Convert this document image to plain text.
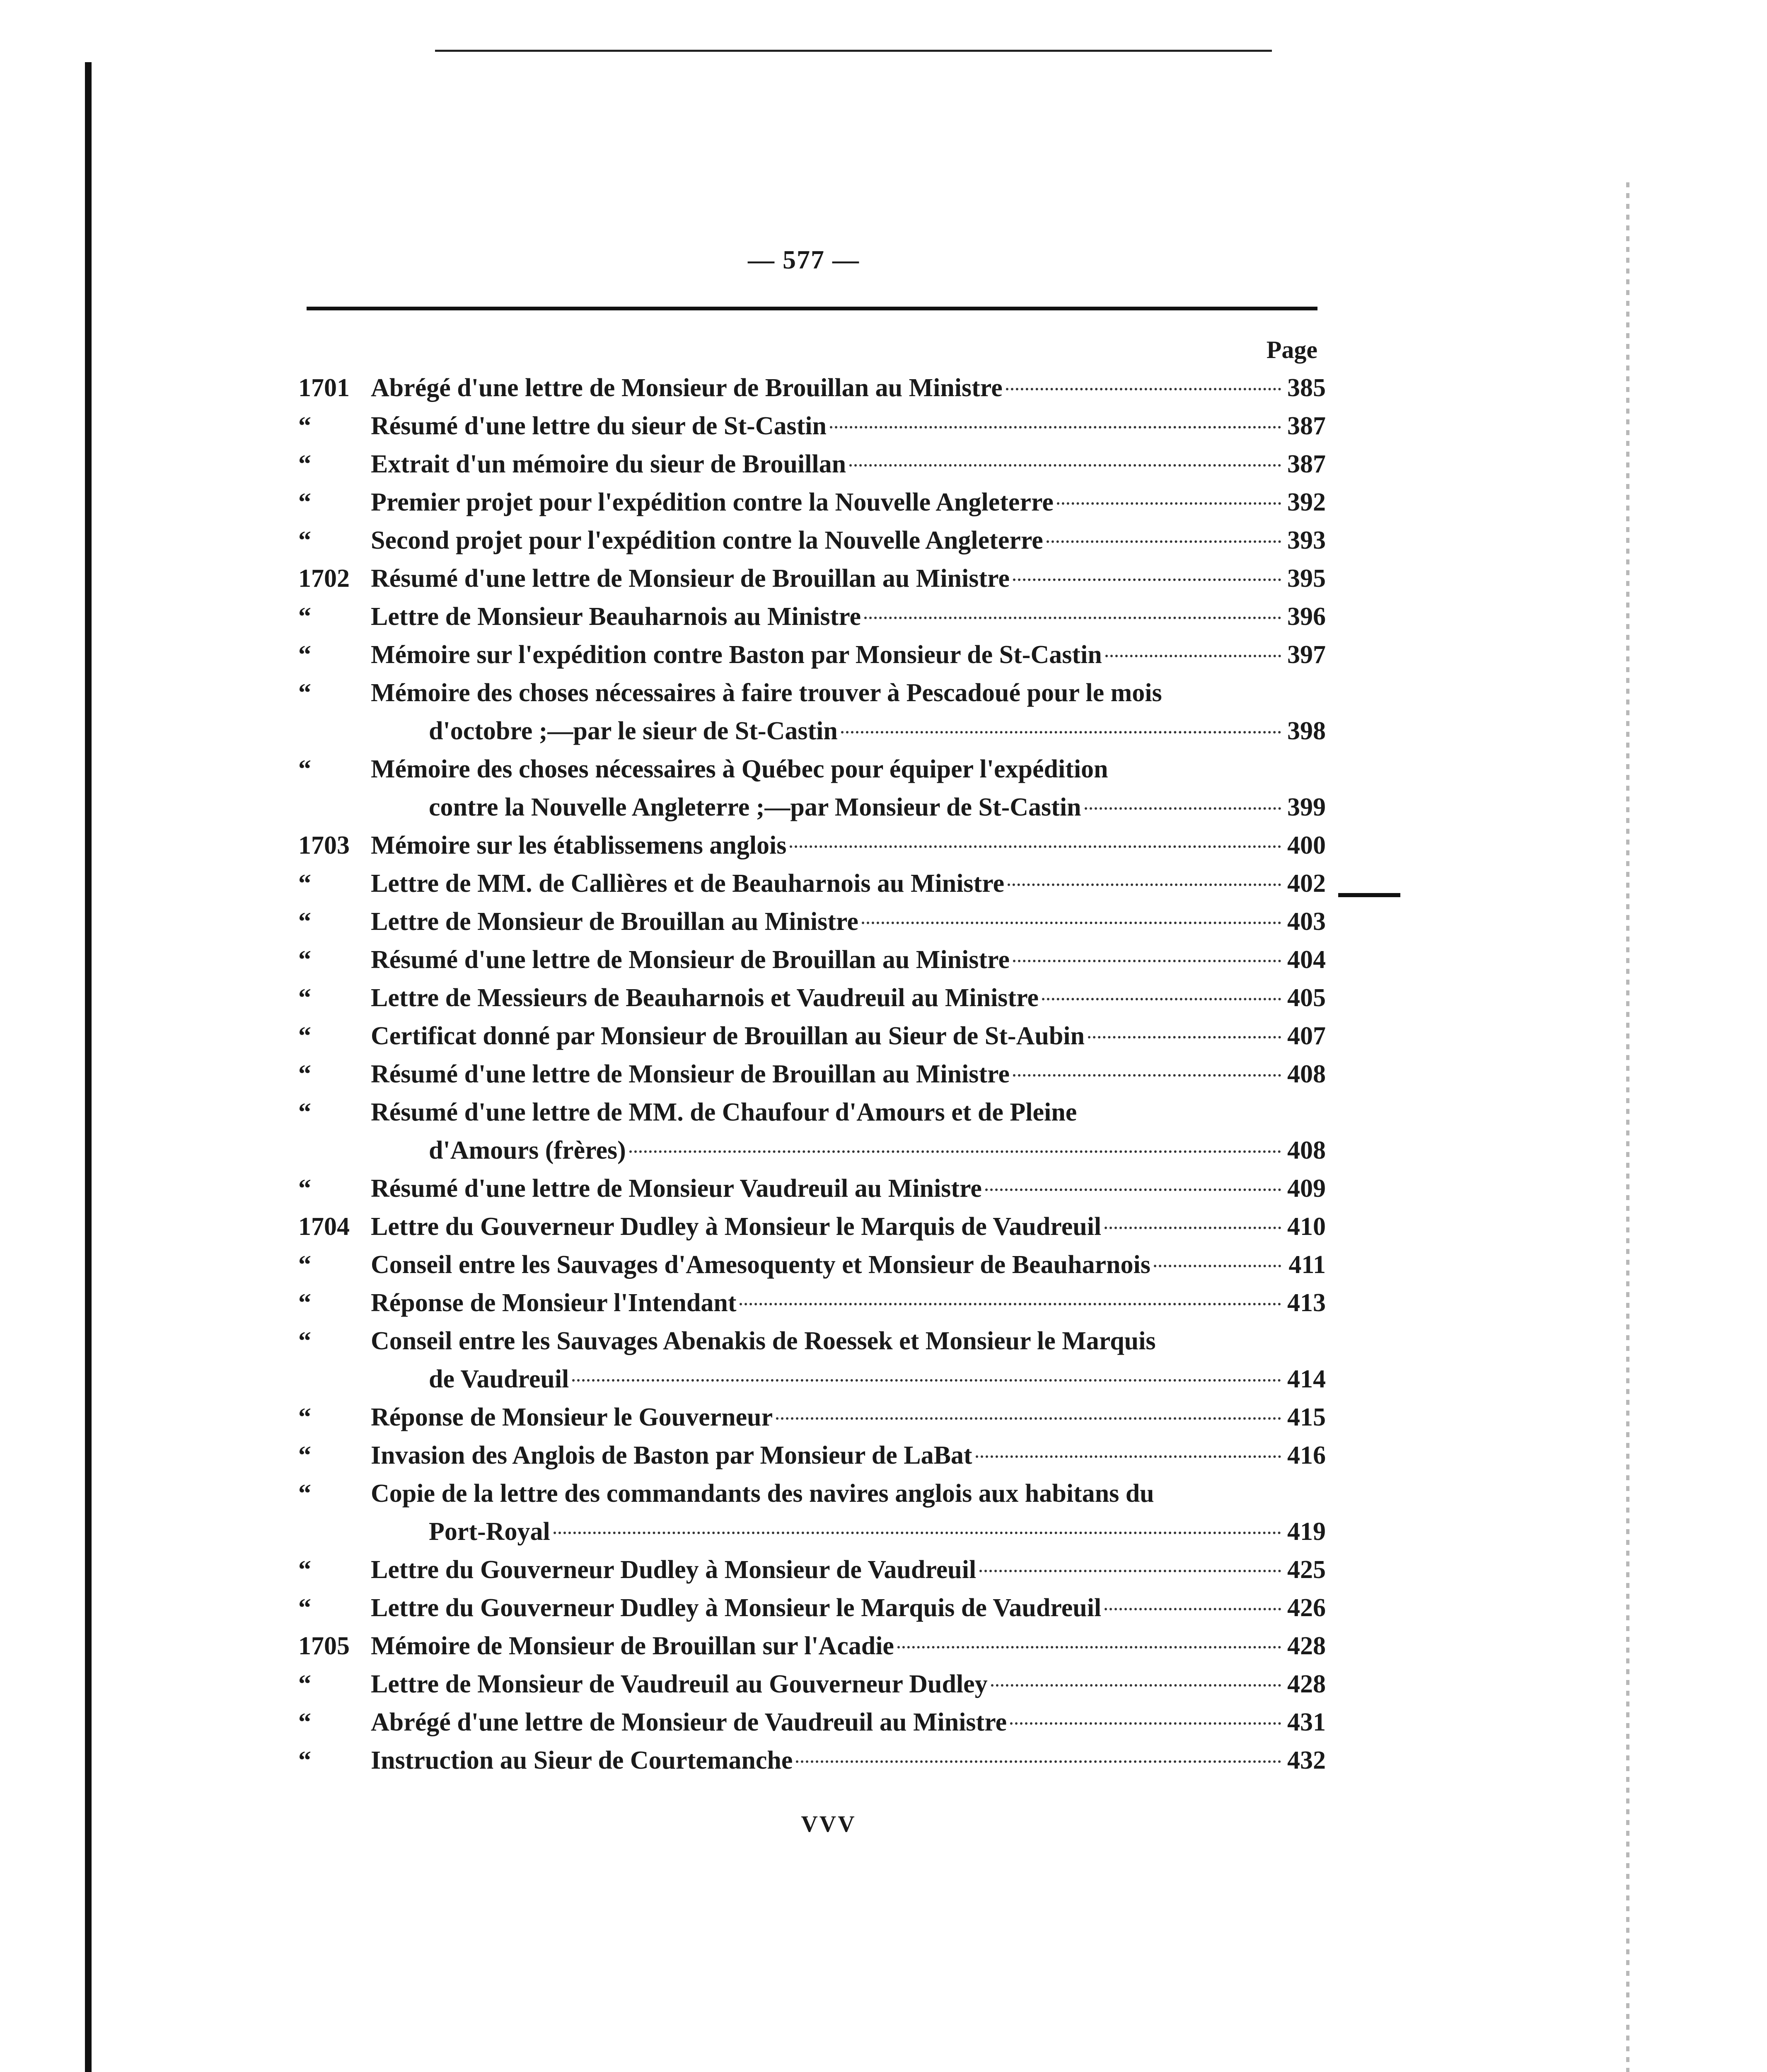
— 577 —
Page
1701 Abrégé d'une lettre de Monsieur de Brouillan au Ministre	385
“	Résumé d'une lettre du sieur de St-Castin	387
“	Extrait d'un mémoire du sieur de Brouillan	387
“	Premier projet pour l'expédition contre la Nouvelle Angleterre	392
“	Second projet pour l'expédition contre la Nouvelle Angleterre	393
1702 Résumé d'une lettre de Monsieur de Brouillan au Ministre	395
“	Lettre de Monsieur Beauharnois au Ministre	396
“	Mémoire sur l'expédition contre Baston par Monsieur de St-Castin	397
“	Mémoire des choses nécessaires à faire trouver à Pescadoué pour le mois
d'octobre ;—par le sieur de St-Castin	398
“	Mémoire des choses nécessaires à Québec pour équiper l'expédition
contre la Nouvelle Angleterre ;—par Monsieur de St-Castin	399
1703 Mémoire sur les établissemens anglois	400
“	Lettre de MM. de Callières et de Beauharnois au Ministre	402
“	Lettre de Monsieur de Brouillan au Ministre	403
“	Résumé d'une lettre de Monsieur de Brouillan au Ministre	404
“	Lettre de Messieurs de Beauharnois et Vaudreuil au Ministre	405
“	Certificat donné par Monsieur de Brouillan au Sieur de St-Aubin	407
“	Résumé d'une lettre de Monsieur de Brouillan au Ministre	408
“	Résumé d'une lettre de MM. de Chaufour d'Amours et de Pleine
d'Amours (frères)	408
“	Résumé d'une lettre de Monsieur Vaudreuil au Ministre	409
1704 Lettre du Gouverneur Dudley à Monsieur le Marquis de Vaudreuil	410
“	Conseil entre les Sauvages d'Amesoquenty et Monsieur de Beauharnois	411
“	Réponse de Monsieur l'Intendant	413
“	Conseil entre les Sauvages Abenakis de Roessek et Monsieur le Marquis
de Vaudreuil	414
“	Réponse de Monsieur le Gouverneur	415
“	Invasion des Anglois de Baston par Monsieur de LaBat	416
“	Copie de la lettre des commandants des navires anglois aux habitans du
Port-Royal	419
“	Lettre du Gouverneur Dudley à Monsieur de Vaudreuil	425
“	Lettre du Gouverneur Dudley à Monsieur le Marquis de Vaudreuil	426
1705 Mémoire de Monsieur de Brouillan sur l'Acadie	428
“	Lettre de Monsieur de Vaudreuil au Gouverneur Dudley	428
“	Abrégé d'une lettre de Monsieur de Vaudreuil au Ministre	431
“	Instruction au Sieur de Courtemanche	432
VVV
